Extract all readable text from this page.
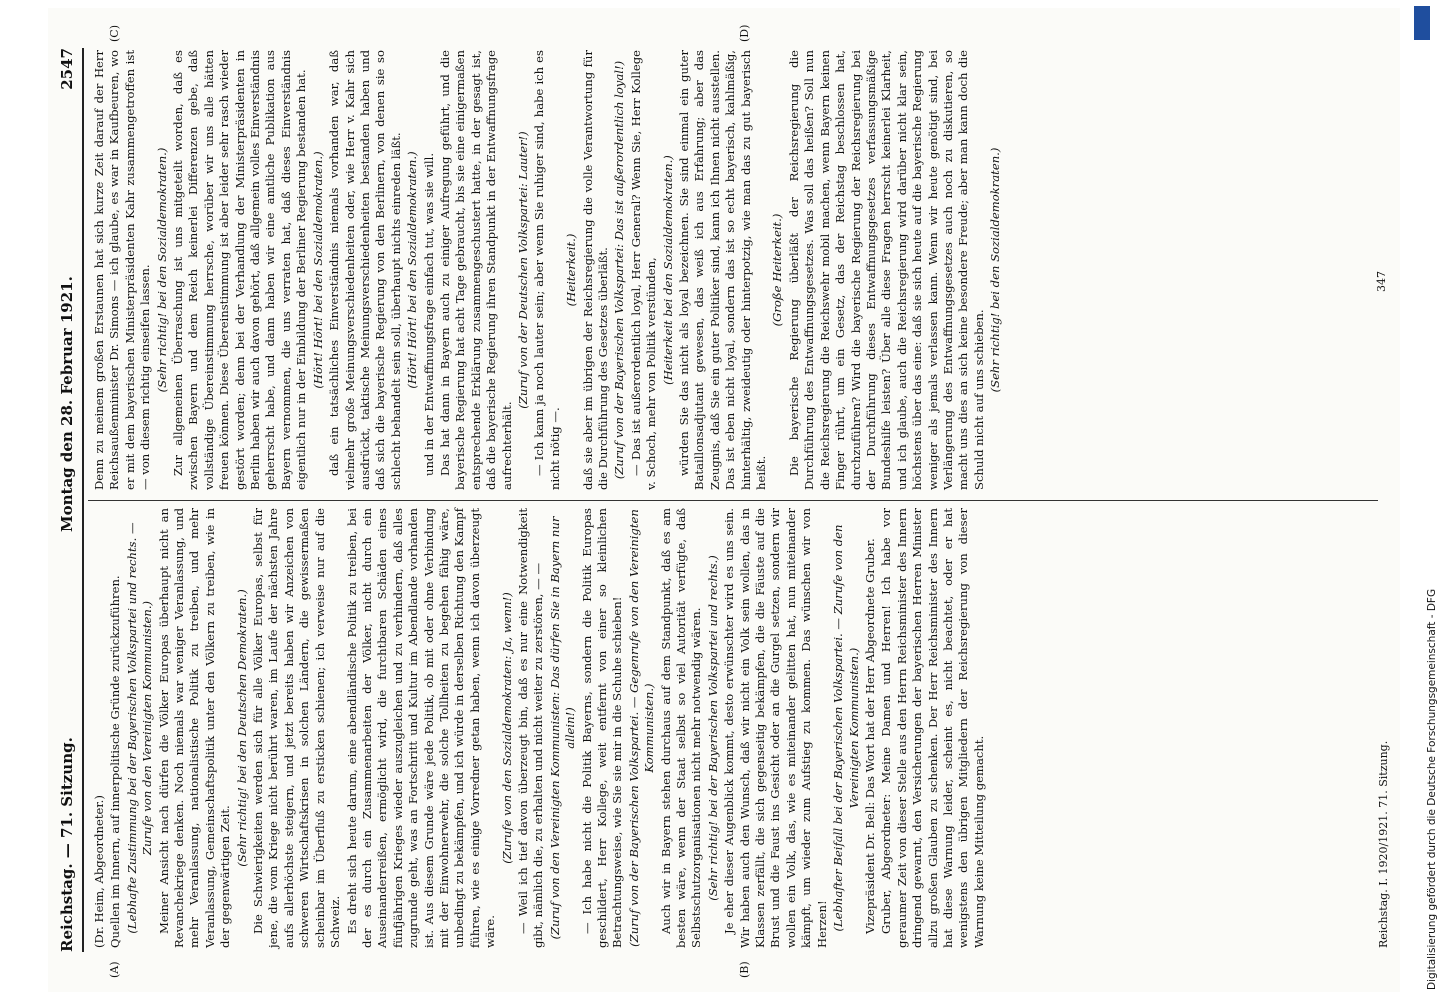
Reichstag. — 71. Sitzung.
Montag den 28. Februar 1921.
2547
(A)	(B)
(C)	(D)

(Dr. Heim, Abgeordneter.) Quellen im Innern, auf innerpolitische Gründe zurückzuführen. (Lebhafte Zustimmung bei der Bayerischen Volkspartei und rechts. — Zurufe von den Vereinigten Kommunisten.) Meiner Ansicht nach dürfen die Völker Europas überhaupt nicht an Revanchekriege denken. Noch niemals war weniger Veranlassung, und mehr Veranlassung, nationalistische Politik zu treiben, und mehr Veranlassung, Gemeinschaftspolitik unter den Völkern zu treiben, wie in der gegenwärtigen Zeit.

(Sehr richtig! bei den Deutschen Demokraten.) Die Schwierigkeiten werden sich für alle Völker Europas, selbst für jene, die vom Kriege nicht berührt waren, im Laufe der nächsten Jahre aufs allerhöchste steigern, und jetzt bereits haben wir Anzeichen von schweren Wirtschaftskrisen in solchen Ländern, die gewissermaßen scheinbar im Überfluß zu ersticken schienen; ich verweise nur auf die Schweiz. Es dreht sich heute darum, eine abendländische Politik zu treiben, bei der es durch ein Zusammenarbeiten der Völker, nicht durch ein Auseinanderreißen, ermöglicht wird, die furchtbaren Schäden eines fünfjährigen Krieges wieder auszugleichen und zu verhindern, daß alles zugrunde geht, was an Fortschritt und Kultur im Abendlande vorhanden ist. Aus diesem Grunde wäre jede Politik, ob mit oder ohne Verbindung mit der Einwohnerwehr, die solche Tollheiten zu begehen fähig wäre, unbedingt zu bekämpfen, und ich würde in derselben Richtung den Kampf führen, wie es einige Vorredner getan haben, wenn ich davon überzeugt wäre.

(Zurufe von den Sozialdemokraten: Ja, wenn!) — Weil ich tief davon überzeugt bin, daß es nur eine Notwendigkeit gibt, nämlich die, zu erhalten und nicht weiter zu zerstören, — — (Zuruf von den Vereinigten Kommunisten: Das dürfen Sie in Bayern nur allein!) — Ich habe nicht die Politik Bayerns, sondern die Politik Europas geschildert, Herr Kollege, weit entfernt von einer so kleinlichen Betrachtungsweise, wie Sie sie mir in die Schuhe schieben! (Zuruf von der Bayerischen Volkspartei. — Gegenrufe von den Vereinigten Kommunisten.) Auch wir in Bayern stehen durchaus auf dem Standpunkt, daß es am besten wäre, wenn der Staat selbst so viel Autorität verfügte, daß Selbstschutzorganisationen nicht mehr notwendig wären. (Sehr richtig! bei der Bayerischen Volkspartei und rechts.) Je eher dieser Augenblick kommt, desto erwünschter wird es uns sein. Wir haben auch den Wunsch, daß wir nicht ein Volk sein wollen, das in Klassen zerfällt, die sich gegenseitig bekämpfen, die die Fäuste auf die Brust und die Faust ins Gesicht oder an die Gurgel setzen, sondern wir wollen ein Volk, das, wie es miteinander gelitten hat, nun miteinander kämpft, um wieder zum Aufstieg zu kommen. Das wünschen wir von Herzen! (Lebhafter Beifall bei der Bayerischen Volkspartei. — Zurufe von den Vereinigten Kommunisten.) Vizepräsident Dr. Bell: Das Wort hat der Herr Abgeordnete Gruber. Gruber, Abgeordneter: Meine Damen und Herren! Ich habe vor geraumer Zeit von dieser Stelle aus den Herrn Reichsminister des Innern dringend gewarnt, den Versicherungen der bayerischen Herren Minister allzu großen Glauben zu schenken. Der Herr Reichsminister des Innern hat diese Warnung leider, scheint es, nicht beachtet, oder er hat wenigstens den übrigen Mitgliedern der Reichsregierung von dieser Warnung keine Mitteilung gemacht.

Denn zu meinem großen Erstaunen hat sich kurze Zeit darauf der Herr Reichsaußenminister Dr. Simons — ich glaube, es war in Kaufbeuren, wo er mit dem bayerischen Ministerpräsidenten Kahr zusammengetroffen ist — von diesem richtig einseifen lassen. (Sehr richtig! bei den Sozialdemokraten.) Zur allgemeinen Überraschung ist uns mitgeteilt worden, daß es zwischen Bayern und dem Reich keinerlei Differenzen gebe, daß vollständige Übereinstimmung herrsche, worüber wir uns alle hätten freuen können. Diese Übereinstimmung ist aber leider sehr rasch wieder gestört worden; denn bei der Verhandlung der Ministerpräsidenten in Berlin haben wir auch davon gehört, daß allgemein volles Einverständnis geherrscht habe, und dann haben wir eine amtliche Publikation aus Bayern vernommen, die uns verraten hat, daß dieses Einverständnis eigentlich nur in der Einbildung der Berliner Regierung bestanden hat. (Hört! Hört! bei den Sozialdemokraten.) daß ein tatsächliches Einverständnis niemals vorhanden war, daß vielmehr große Meinungsverschiedenheiten oder, wie Herr v. Kahr sich ausdrückt, taktische Meinungsverschiedenheiten bestanden haben und daß sich die bayerische Regierung von den Berlinern, von denen sie so schlecht behandelt sein soll, überhaupt nichts einreden läßt. (Hört! Hört! bei den Sozialdemokraten.) und in der Entwaffnungsfrage einfach tut, was sie will. Das hat dann in Bayern auch zu einiger Aufregung geführt, und die bayerische Regierung hat acht Tage gebraucht, bis sie eine einigermaßen entsprechende Erklärung zusammengeschustert hatte, in der gesagt ist, daß die bayerische Regierung ihren Standpunkt in der Entwaffnungsfrage aufrechterhält.

(Zuruf von der Deutschen Volkspartei: Lauter!) — Ich kann ja noch lauter sein; aber wenn Sie ruhiger sind, habe ich es nicht nötig —.

(Heiterkeit.) daß sie aber im übrigen der Reichsregierung die volle Verantwortung für die Durchführung des Gesetzes überläßt. (Zuruf von der Bayerischen Volkspartei: Das ist außerordentlich loyal!) — Das ist außerordentlich loyal, Herr General? Wenn Sie, Herr Kollege v. Schoch, mehr von Politik verstünden, (Heiterkeit bei den Sozialdemokraten.) würden Sie das nicht als loyal bezeichnen. Sie sind einmal ein guter Bataillonsadjutant gewesen, das weiß ich aus Erfahrung; aber das Zeugnis, daß Sie ein guter Politiker sind, kann ich Ihnen nicht ausstellen. Das ist eben nicht loyal, sondern das ist so echt bayerisch, kahlmäßig, hinterhältig, zweideutig oder hinterpotzig, wie man das zu gut bayerisch heißt.

(Große Heiterkeit.) Die bayerische Regierung überläßt der Reichsregierung die Durchführung des Entwaffnungsgesetzes. Was soll das heißen? Soll nun die Reichsregierung die Reichswehr mobil machen, wenn Bayern keinen Finger rührt, um ein Gesetz, das der Reichstag beschlossen hat, durchzuführen? Wird die bayerische Regierung der Reichsregierung bei der Durchführung dieses Entwaffnungsgesetzes verfassungsmäßige Bundeshilfe leisten? Über alle diese Fragen herrscht keinerlei Klarheit, und ich glaube, auch die Reichsregierung wird darüber nicht klar sein, höchstens über das eine: daß sie sich heute auf die bayerische Regierung weniger als jemals verlassen kann. Wenn wir heute genötigt sind, bei Verlängerung des Entwaffnungsgesetzes auch noch zu diskutieren, so macht uns dies an sich keine besondere Freude; aber man kann doch die Schuld nicht auf uns schieben.

(Sehr richtig! bei den Sozialdemokraten.)

Reichstag. I. 1920/1921. 71. Sitzung.
347
Digitalisierung gefördert durch die Deutsche Forschungsgemeinschaft - DFG
